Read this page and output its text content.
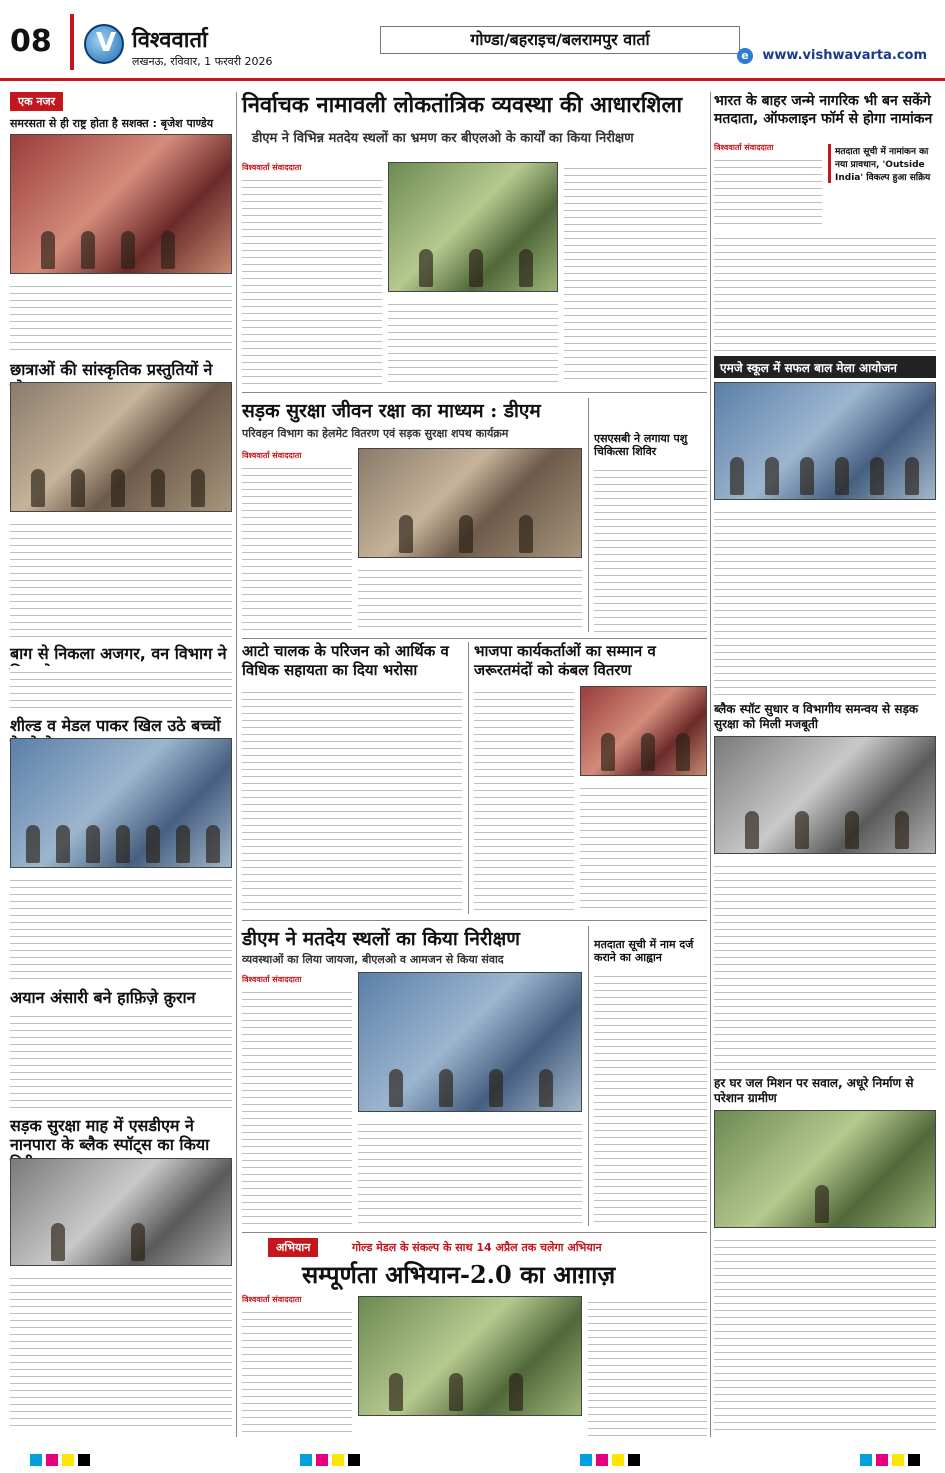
08
V	विश्ववार्ता
लखनऊ, रविवार, 1 फरवरी 2026
गोण्डा/बहराइच/बलरामपुर वार्ता
e	www.vishwavarta.com
एक नजर
समरसता से ही राष्ट्र होता है सशक्त : बृजेश पाण्डेय
छात्राओं की सांस्कृतिक प्रस्तुतियों ने
बाग से निकला अजगर, वन विभाग ने
शील्ड व मेडल पाकर खिल उठे बच्चों
अयान अंसारी बने हाफ़िज़े क़ुरान
सड़क सुरक्षा माह में एसडीएम ने नानपारा के ब्लैक स्पॉट्स का किया
निर्वाचक नामावली लोकतांत्रिक व्यवस्था की आधारशिला
डीएम ने विभिन्न मतदेय स्थलों का भ्रमण कर बीएलओ के कार्यों का किया निरीक्षण
विश्ववार्ता संवाददाता
सड़क सुरक्षा जीवन रक्षा का माध्यम : डीएम
परिवहन विभाग का हेलमेट वितरण एवं सड़क सुरक्षा शपथ कार्यक्रम
विश्ववार्ता संवाददाता
एसएसबी ने लगाया पशु चिकित्सा शिविर
आटो चालक के परिजन को आर्थिक व विधिक सहायता का दिया भरोसा
भाजपा कार्यकर्ताओं का सम्मान व जरूरतमंदों को कंबल वितरण
डीएम ने मतदेय स्थलों का किया निरीक्षण
व्यवस्थाओं का लिया जायजा, बीएलओ व आमजन से किया संवाद
विश्ववार्ता संवाददाता
मतदाता सूची में नाम दर्ज कराने का आह्वान
अभियान	गोल्ड मेडल के संकल्प के साथ 14 अप्रैल तक चलेगा अभियान
सम्पूर्णता अभियान-2.0 का आग़ाज़
विश्ववार्ता संवाददाता
भारत के बाहर जन्मे नागरिक भी बन सकेंगे मतदाता, ऑफलाइन फॉर्म से होगा नामांकन
विश्ववार्ता संवाददाता	मतदाता सूची में नामांकन का नया प्रावधान, 'Outside India' विकल्प हुआ सक्रिय
एमजे स्कूल में सफल बाल मेला आयोजन
ब्लैक स्पॉट सुधार व विभागीय समन्वय से सड़क सुरक्षा को मिली मजबूती
हर घर जल मिशन पर सवाल, अधूरे निर्माण से परेशान ग्रामीण
